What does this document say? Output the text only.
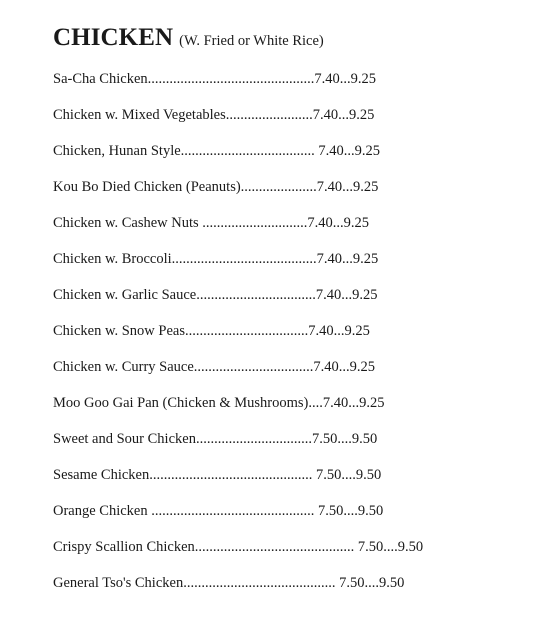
CHICKEN (W. Fried or White Rice)
Sa-Cha Chicken..............................................7.40...9.25
Chicken w. Mixed Vegetables........................7.40...9.25
Chicken, Hunan Style..................................... 7.40...9.25
Kou Bo Died Chicken (Peanuts).....................7.40...9.25
Chicken w. Cashew Nuts .............................7.40...9.25
Chicken w. Broccoli........................................7.40...9.25
Chicken w. Garlic Sauce.................................7.40...9.25
Chicken w. Snow Peas..................................7.40...9.25
Chicken w. Curry Sauce.................................7.40...9.25
Moo Goo Gai Pan (Chicken & Mushrooms)....7.40...9.25
Sweet and Sour Chicken................................7.50....9.50
Sesame Chicken............................................. 7.50....9.50
Orange Chicken ............................................. 7.50....9.50
Crispy Scallion Chicken............................................ 7.50....9.50
General Tso's Chicken.......................................... 7.50....9.50
